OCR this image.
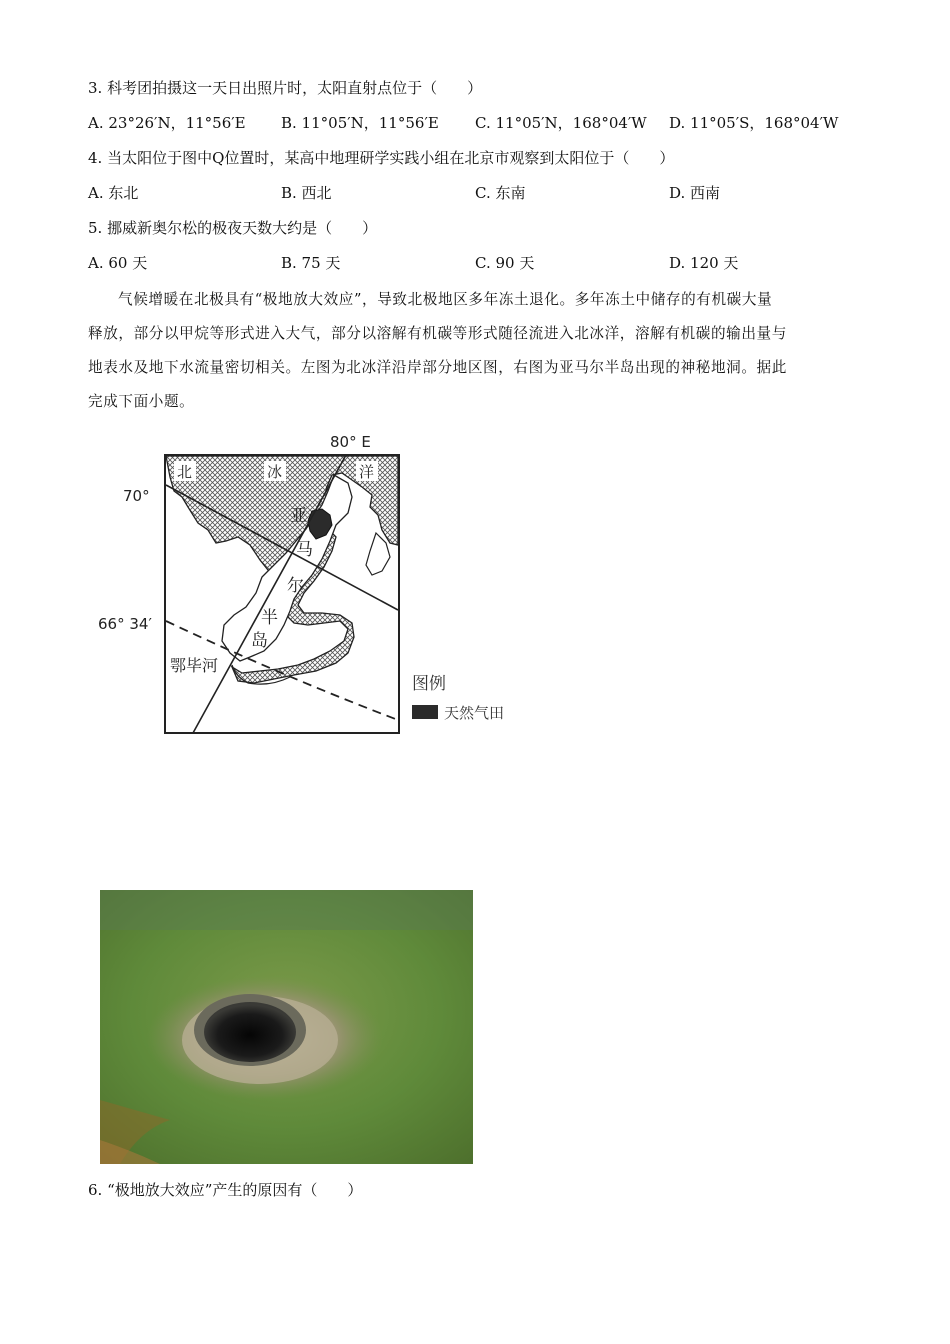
3. 科考团拍摄这一天日出照片时，太阳直射点位于（　　）
A. 23°26′N，11°56′E B. 11°05′N，11°56′E C. 11°05′N，168°04′W D. 11°05′S，168°04′W
4. 当太阳位于图中Q位置时，某高中地理研学实践小组在北京市观察到太阳位于（　　）
A. 东北	B. 西北	C. 东南	D. 西南
5. 挪威新奥尔松的极夜天数大约是（　　）
A. 60 天	B. 75 天	C. 90 天	D. 120 天
气候增暖在北极具有“极地放大效应”，导致北极地区多年冻土退化。多年冻土中储存的有机碳大量
释放，部分以甲烷等形式进入大气，部分以溶解有机碳等形式随径流进入北冰洋，溶解有机碳的输出量与
地表水及地下水流量密切相关。左图为北冰洋沿岸部分地区图，右图为亚马尔半岛出现的神秘地洞。据此
完成下面小题。
80° E
70°
66° 34′
北	冰	洋
亚
马
尔
半
岛
鄂毕河
图例
天然气田
6. “极地放大效应”产生的原因有（　　）
